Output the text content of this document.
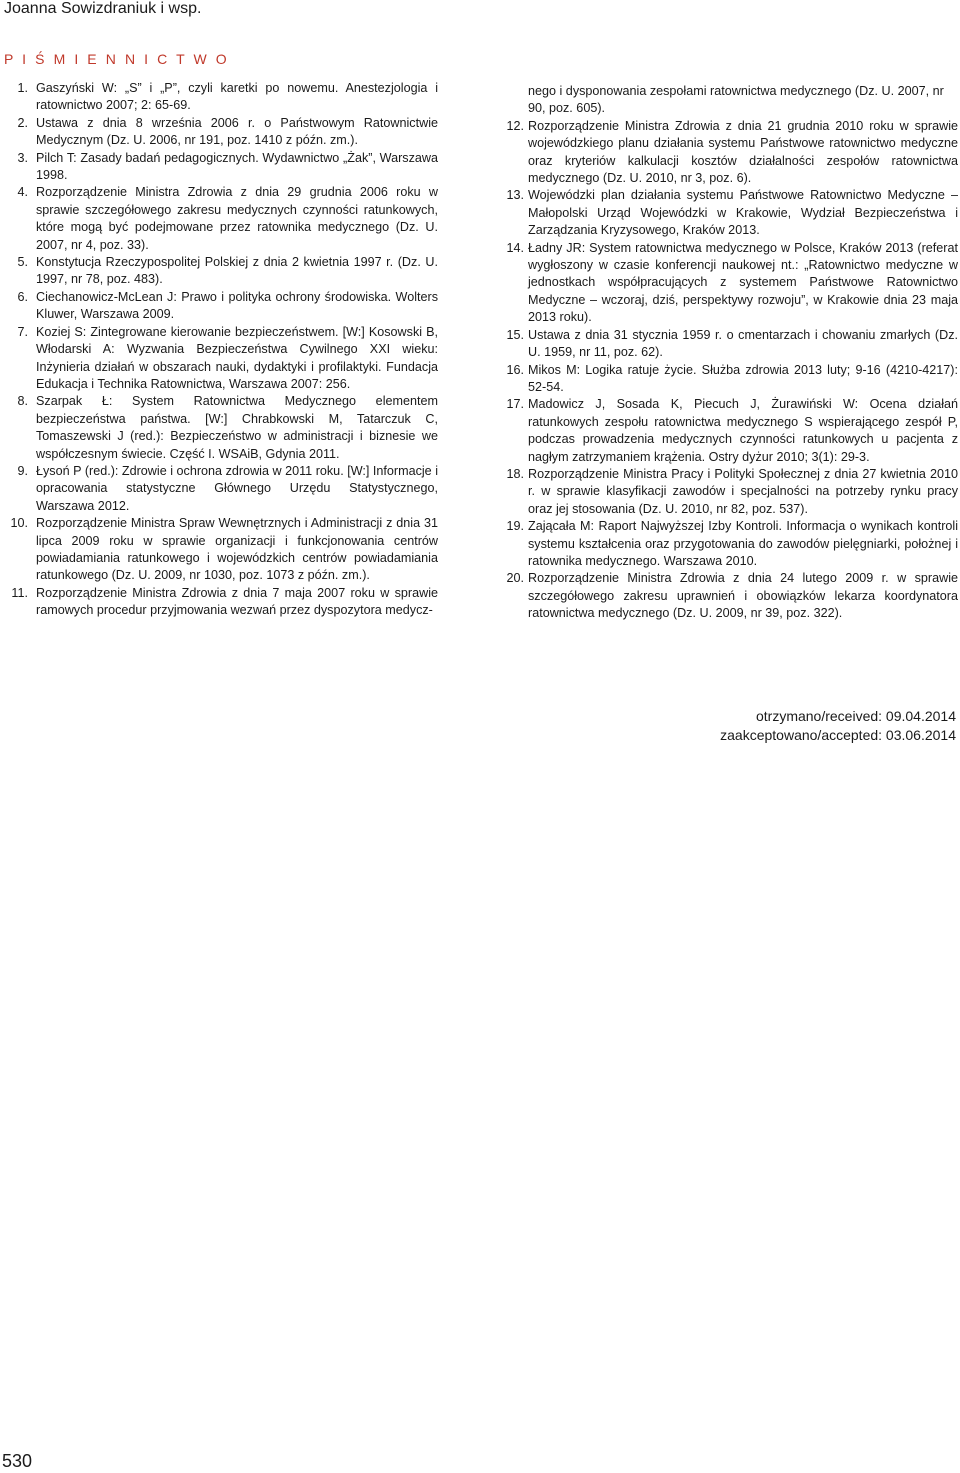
Joanna Sowizdraniuk i wsp.
P I Ś M I E N N I C T W O
1. Gaszyński W: „S” i „P”, czyli karetki po nowemu. Anestezjologia i ratownictwo 2007; 2: 65-69.
2. Ustawa z dnia 8 września 2006 r. o Państwowym Ratownictwie Medycznym (Dz. U. 2006, nr 191, poz. 1410 z późn. zm.).
3. Pilch T: Zasady badań pedagogicznych. Wydawnictwo „Żak”, Warszawa 1998.
4. Rozporządzenie Ministra Zdrowia z dnia 29 grudnia 2006 roku w sprawie szczegółowego zakresu medycznych czynności ratunkowych, które mogą być podejmowane przez ratownika medycznego (Dz. U. 2007, nr 4, poz. 33).
5. Konstytucja Rzeczypospolitej Polskiej z dnia 2 kwietnia 1997 r. (Dz. U. 1997, nr 78, poz. 483).
6. Ciechanowicz-McLean J: Prawo i polityka ochrony środowiska. Wolters Kluwer, Warszawa 2009.
7. Koziej S: Zintegrowane kierowanie bezpieczeństwem. [W:] Kosowski B, Włodarski A: Wyzwania Bezpieczeństwa Cywilnego XXI wieku: Inżynieria działań w obszarach nauki, dydaktyki i profilaktyki. Fundacja Edukacja i Technika Ratownictwa, Warszawa 2007: 256.
8. Szarpak Ł: System Ratownictwa Medycznego elementem bezpieczeństwa państwa. [W:] Chrabkowski M, Tatarczuk C, Tomaszewski J (red.): Bezpieczeństwo w administracji i biznesie we współczesnym świecie. Część I. WSAiB, Gdynia 2011.
9. Łysoń P (red.): Zdrowie i ochrona zdrowia w 2011 roku. [W:] Informacje i opracowania statystyczne Głównego Urzędu Statystycznego, Warszawa 2012.
10. Rozporządzenie Ministra Spraw Wewnętrznych i Administracji z dnia 31 lipca 2009 roku w sprawie organizacji i funkcjonowania centrów powiadamiania ratunkowego i wojewódzkich centrów powiadamiania ratunkowego (Dz. U. 2009, nr 1030, poz. 1073 z późn. zm.).
11. Rozporządzenie Ministra Zdrowia z dnia 7 maja 2007 roku w sprawie ramowych procedur przyjmowania wezwań przez dyspozytora medycz-
nego i dysponowania zespołami ratownictwa medycznego (Dz. U. 2007, nr 90, poz. 605).
12. Rozporządzenie Ministra Zdrowia z dnia 21 grudnia 2010 roku w sprawie wojewódzkiego planu działania systemu Państwowe ratownictwo medyczne oraz kryteriów kalkulacji kosztów działalności zespołów ratownictwa medycznego (Dz. U. 2010, nr 3, poz. 6).
13. Wojewódzki plan działania systemu Państwowe Ratownictwo Medyczne – Małopolski Urząd Wojewódzki w Krakowie, Wydział Bezpieczeństwa i Zarządzania Kryzysowego, Kraków 2013.
14. Ładny JR: System ratownictwa medycznego w Polsce, Kraków 2013 (referat wygłoszony w czasie konferencji naukowej nt.: „Ratownictwo medyczne w jednostkach współpracujących z systemem Państwowe Ratownictwo Medyczne – wczoraj, dziś, perspektywy rozwoju”, w Krakowie dnia 23 maja 2013 roku).
15. Ustawa z dnia 31 stycznia 1959 r. o cmentarzach i chowaniu zmarłych (Dz. U. 1959, nr 11, poz. 62).
16. Mikos M: Logika ratuje życie. Służba zdrowia 2013 luty; 9-16 (4210-4217): 52-54.
17. Madowicz J, Sosada K, Piecuch J, Żurawiński W: Ocena działań ratunkowych zespołu ratownictwa medycznego S wspierającego zespół P, podczas prowadzenia medycznych czynności ratunkowych u pacjenta z nagłym zatrzymaniem krążenia. Ostry dyżur 2010; 3(1): 29-3.
18. Rozporządzenie Ministra Pracy i Polityki Społecznej z dnia 27 kwietnia 2010 r. w sprawie klasyfikacji zawodów i specjalności na potrzeby rynku pracy oraz jej stosowania (Dz. U. 2010, nr 82, poz. 537).
19. Zającała M: Raport Najwyższej Izby Kontroli. Informacja o wynikach kontroli systemu kształcenia oraz przygotowania do zawodów pielęgniarki, położnej i ratownika medycznego. Warszawa 2010.
20. Rozporządzenie Ministra Zdrowia z dnia 24 lutego 2009 r. w sprawie szczegółowego zakresu uprawnień i obowiązków lekarza koordynatora ratownictwa medycznego (Dz. U. 2009, nr 39, poz. 322).
otrzymano/received: 09.04.2014
zaakceptowano/accepted: 03.06.2014
530
